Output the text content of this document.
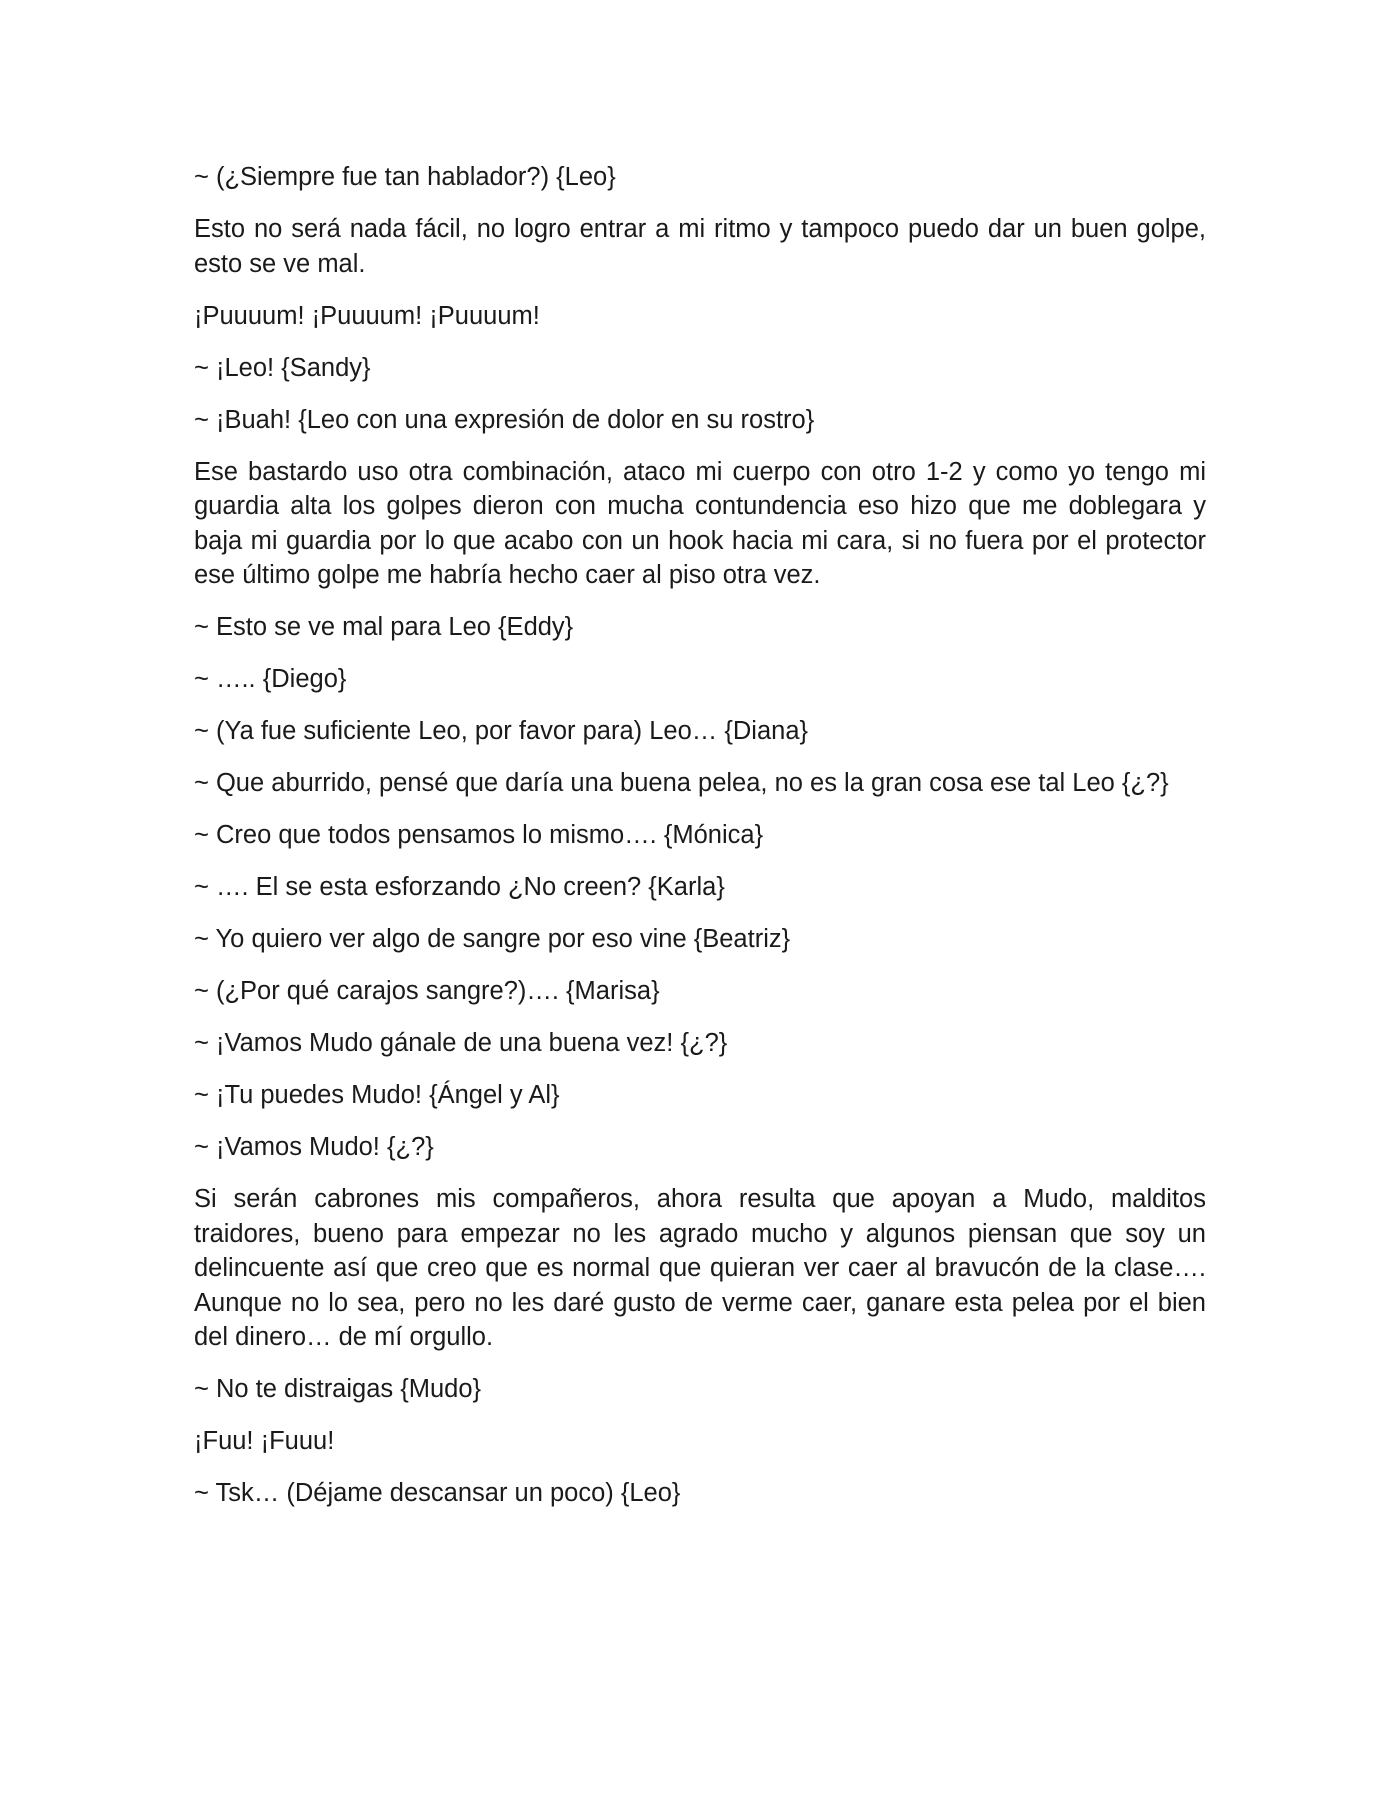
~ (¿Siempre fue tan hablador?) {Leo}

Esto no será nada fácil, no logro entrar a mi ritmo y tampoco puedo dar un buen golpe, esto se ve mal.

¡Puuuum! ¡Puuuum! ¡Puuuum!

~ ¡Leo! {Sandy}

~ ¡Buah! {Leo con una expresión de dolor en su rostro}

Ese bastardo uso otra combinación, ataco mi cuerpo con otro 1-2 y como yo tengo mi guardia alta los golpes dieron con mucha contundencia eso hizo que me doblegara y baja mi guardia por lo que acabo con un hook hacia mi cara, si no fuera por el protector ese último golpe me habría hecho caer al piso otra vez.

~ Esto se ve mal para Leo {Eddy}

~ ….. {Diego}

~ (Ya fue suficiente Leo, por favor para) Leo… {Diana}

~ Que aburrido, pensé que daría una buena pelea, no es la gran cosa ese tal Leo {¿?}

~ Creo que todos pensamos lo mismo…. {Mónica}

~ …. El se esta esforzando ¿No creen? {Karla}

~ Yo quiero ver algo de sangre por eso vine {Beatriz}

~ (¿Por qué carajos sangre?)…. {Marisa}

~ ¡Vamos Mudo gánale de una buena vez! {¿?}

~ ¡Tu puedes Mudo! {Ángel y Al}

~ ¡Vamos Mudo! {¿?}

Si serán cabrones mis compañeros, ahora resulta que apoyan a Mudo, malditos traidores, bueno para empezar no les agrado mucho y algunos piensan que soy un delincuente así que creo que es normal que quieran ver caer al bravucón de la clase…. Aunque no lo sea, pero no les daré gusto de verme caer, ganare esta pelea por el bien del dinero… de mí orgullo.

~ No te distraigas {Mudo}

¡Fuu! ¡Fuuu!

~ Tsk… (Déjame descansar un poco) {Leo}
